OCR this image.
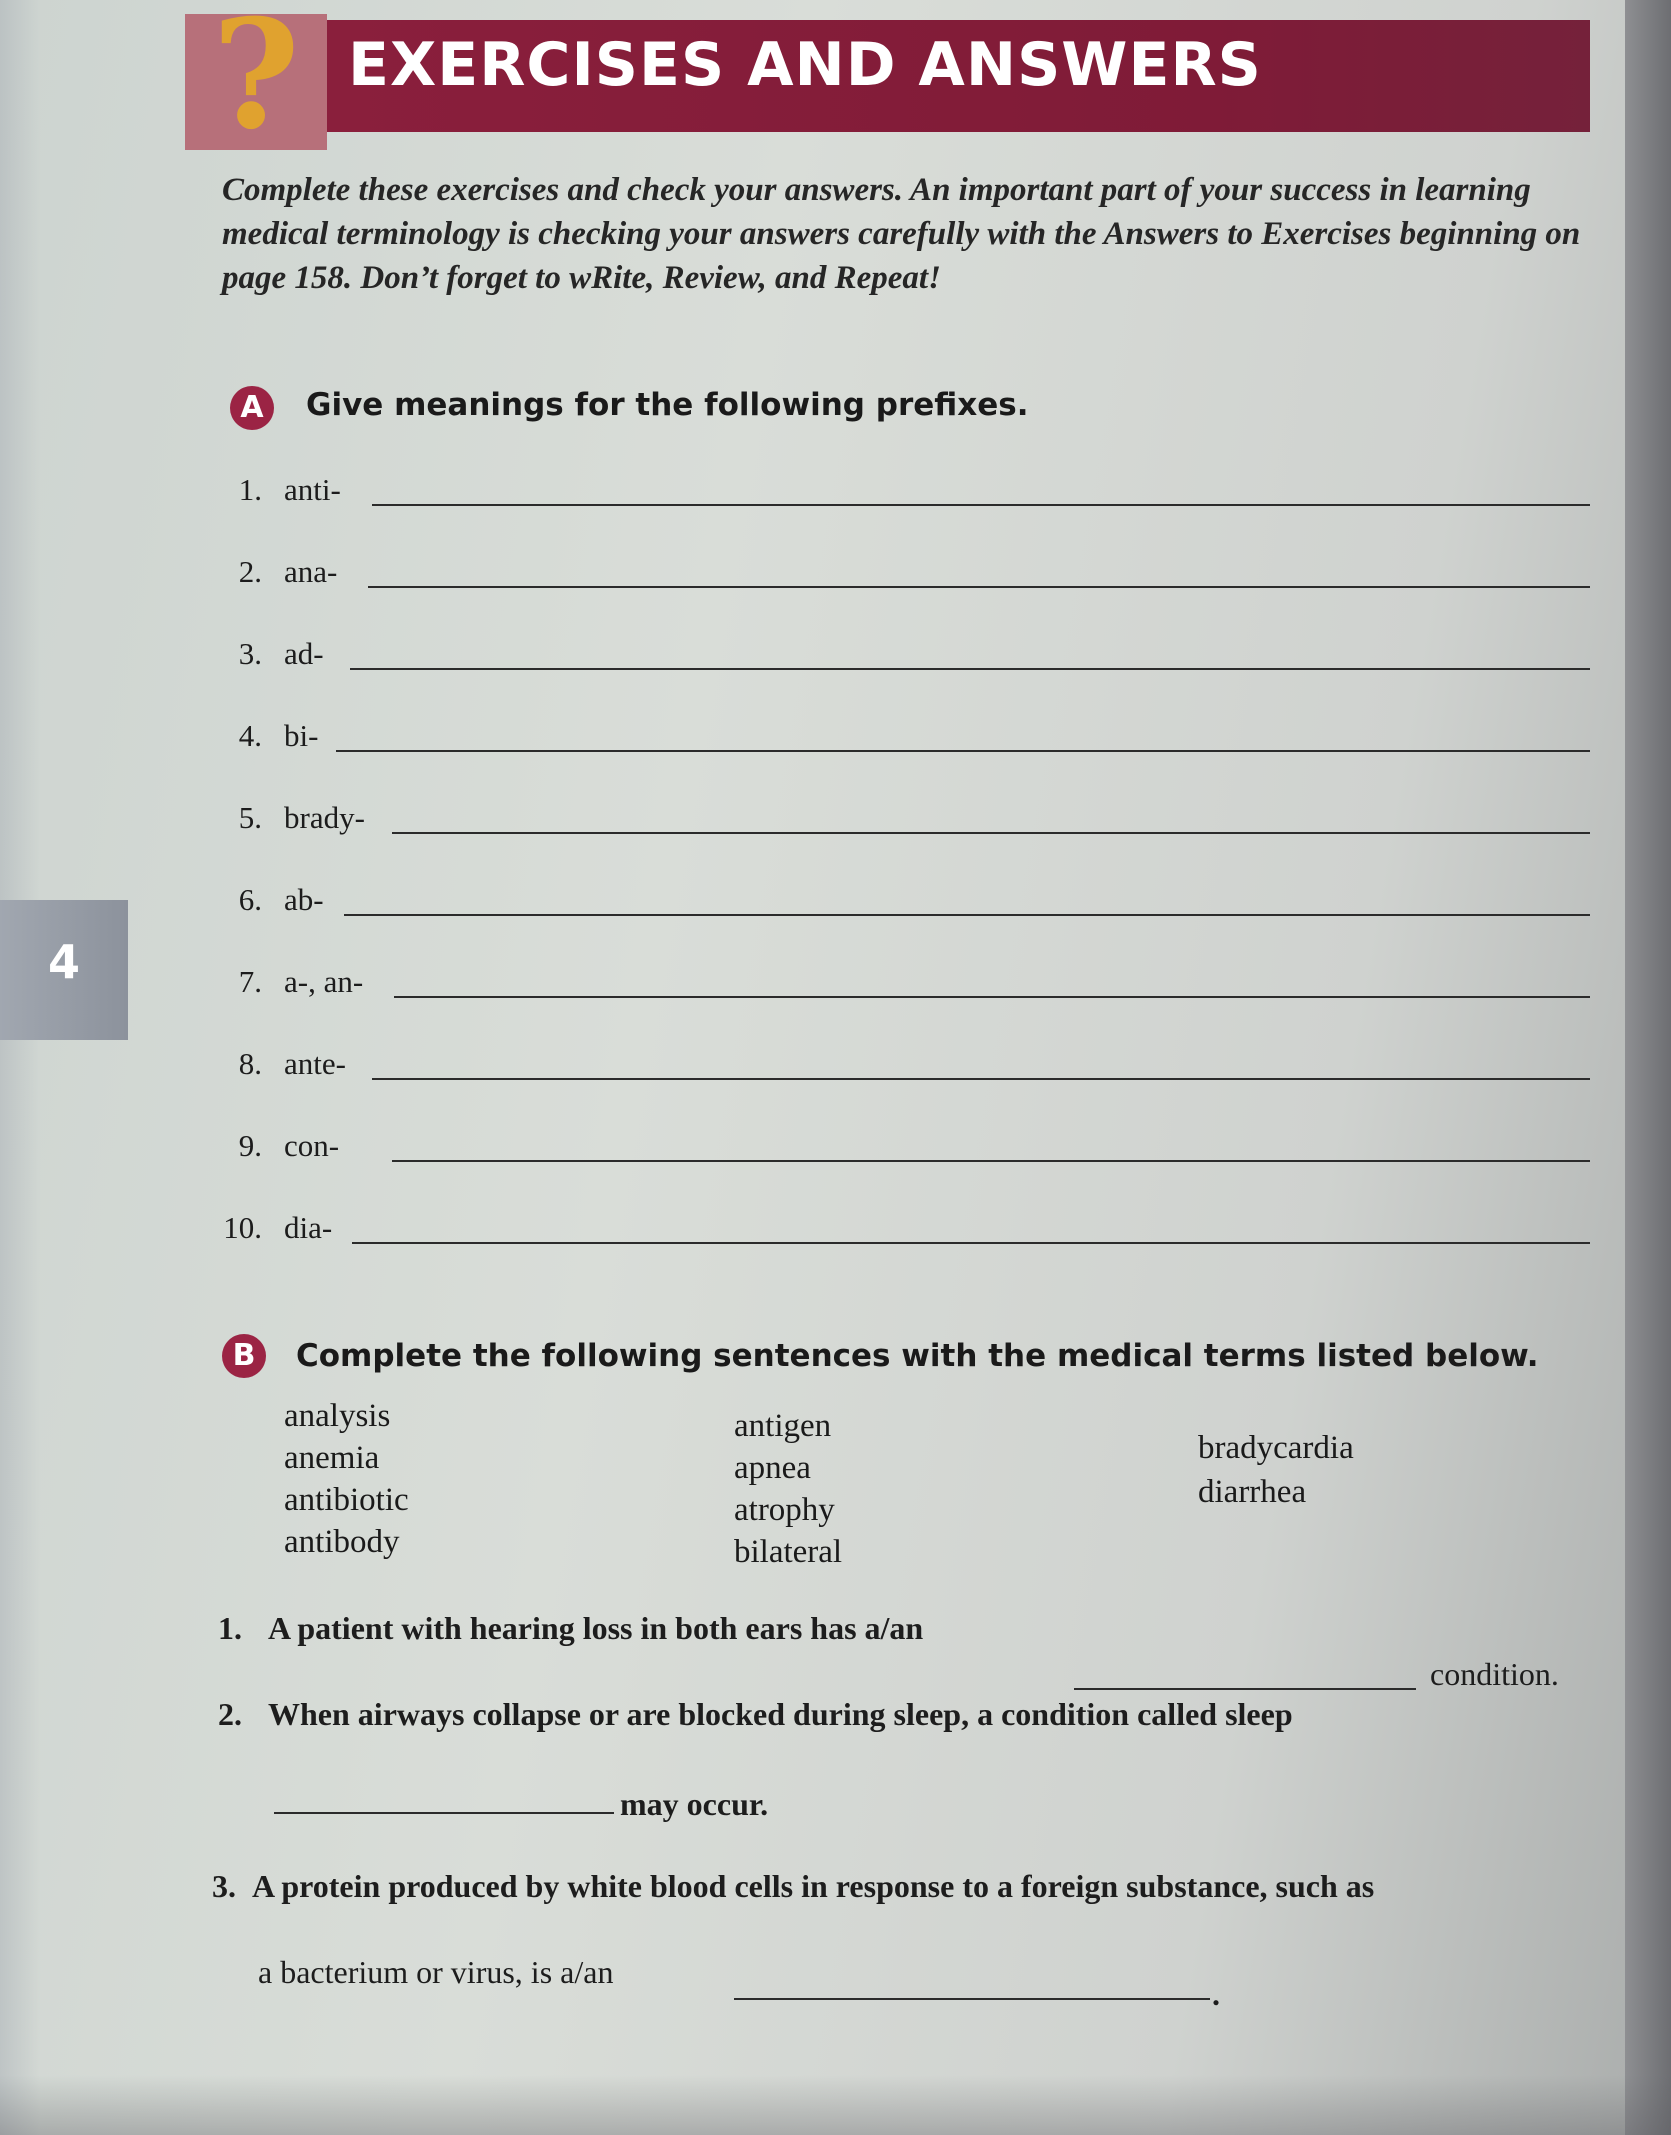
? EXERCISES AND ANSWERS
Complete these exercises and check your answers. An important part of your success in learning medical terminology is checking your answers carefully with the Answers to Exercises beginning on page 158. Don’t forget to wRite, Review, and Repeat!
A	Give meanings for the following prefixes.
1. anti-
2. ana-
3. ad-
4. bi-
5. brady-
6. ab-
7. a-, an-
8. ante-
9. con-
10. dia-
4
B	Complete the following sentences with the medical terms listed below.
analysis
anemia
antibiotic
antibody
antigen
apnea
atrophy
bilateral
bradycardia
diarrhea
1. A patient with hearing loss in both ears has a/an
condition.
2. When airways collapse or are blocked during sleep, a condition called sleep
may occur.
3. A protein produced by white blood cells in response to a foreign substance, such as
a bacterium or virus, is a/an
.
